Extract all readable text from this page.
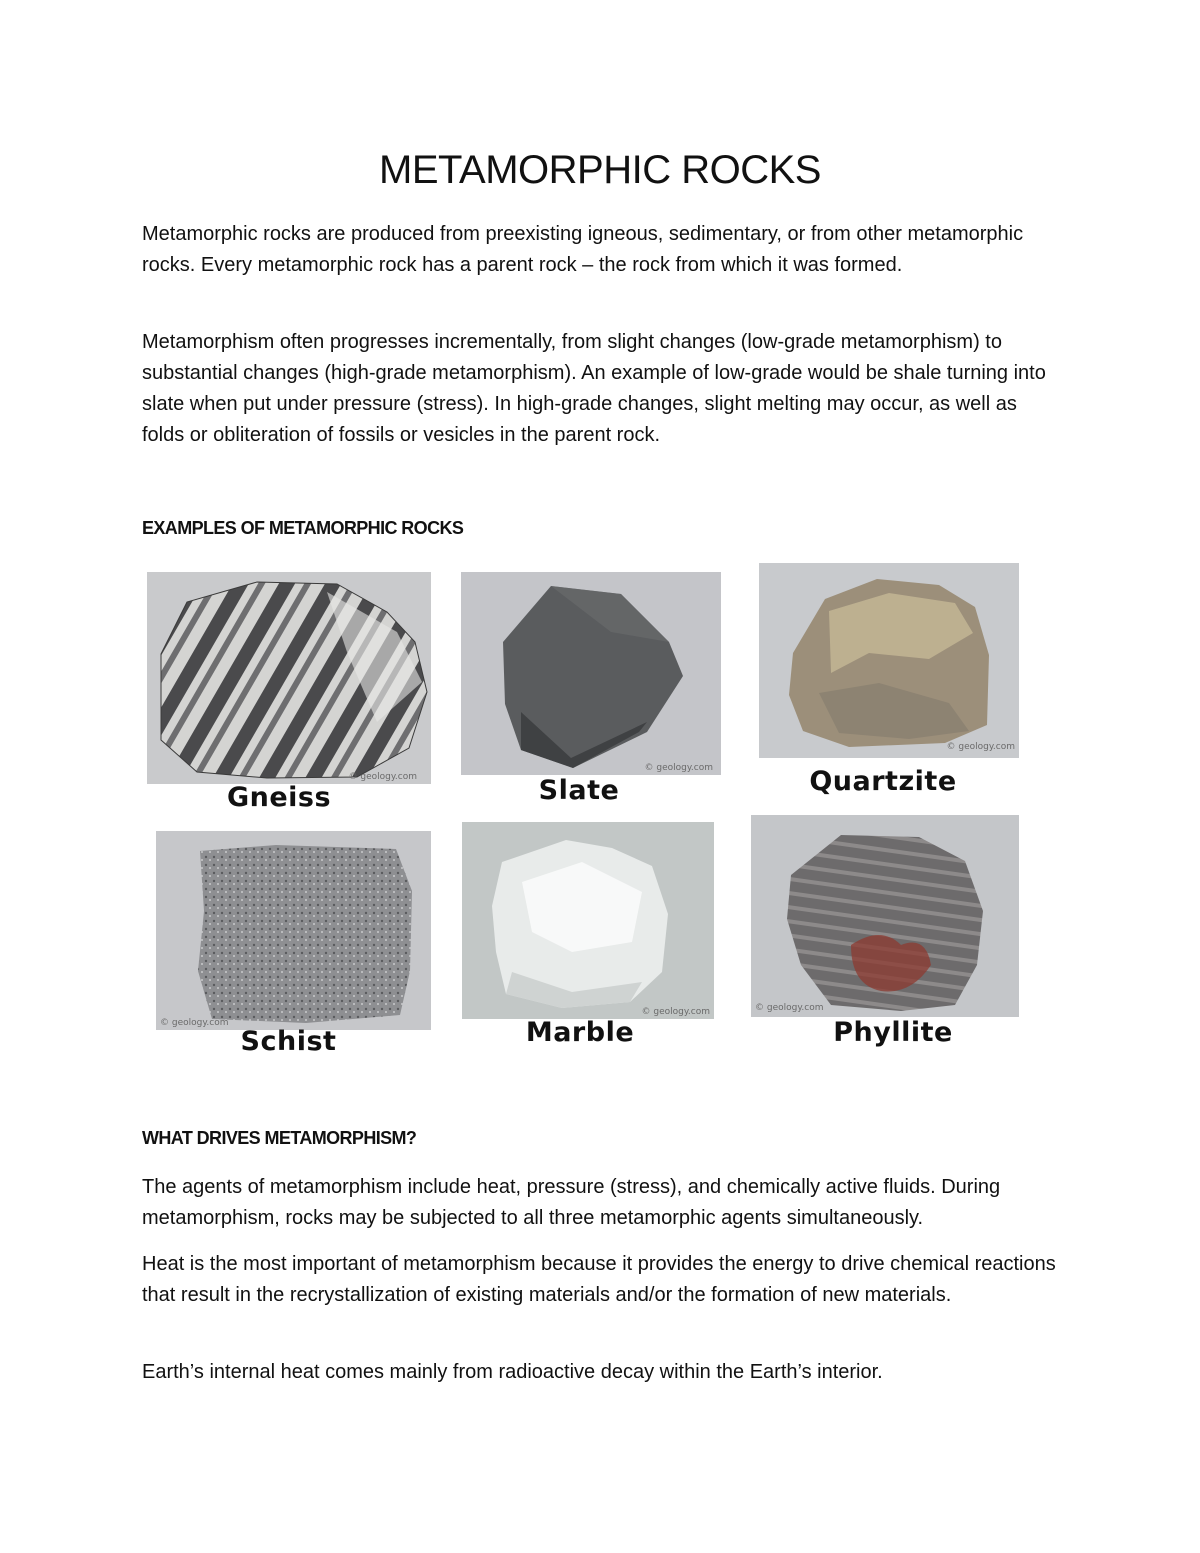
METAMORPHIC ROCKS

Metamorphic rocks are produced from preexisting igneous, sedimentary, or from other metamorphic rocks. Every metamorphic rock has a parent rock – the rock from which it was formed.

Metamorphism often progresses incrementally, from slight changes (low-grade metamorphism) to substantial changes (high-grade metamorphism). An example of low-grade would be shale turning into slate when put under pressure (stress). In high-grade changes, slight melting may occur, as well as folds or obliteration of fossils or vesicles in the parent rock.

EXAMPLES OF METAMORPHIC ROCKS
© geology.com
Gneiss
© geology.com
Slate
© geology.com
Quartzite
© geology.com
Schist
© geology.com
Marble
© geology.com
Phyllite
WHAT DRIVES METAMORPHISM?

The agents of metamorphism include heat, pressure (stress), and chemically active fluids. During metamorphism, rocks may be subjected to all three metamorphic agents simultaneously.

Heat is the most important of metamorphism because it provides the energy to drive chemical reactions that result in the recrystallization of existing materials and/or the formation of new materials.

Earth’s internal heat comes mainly from radioactive decay within the Earth’s interior.
